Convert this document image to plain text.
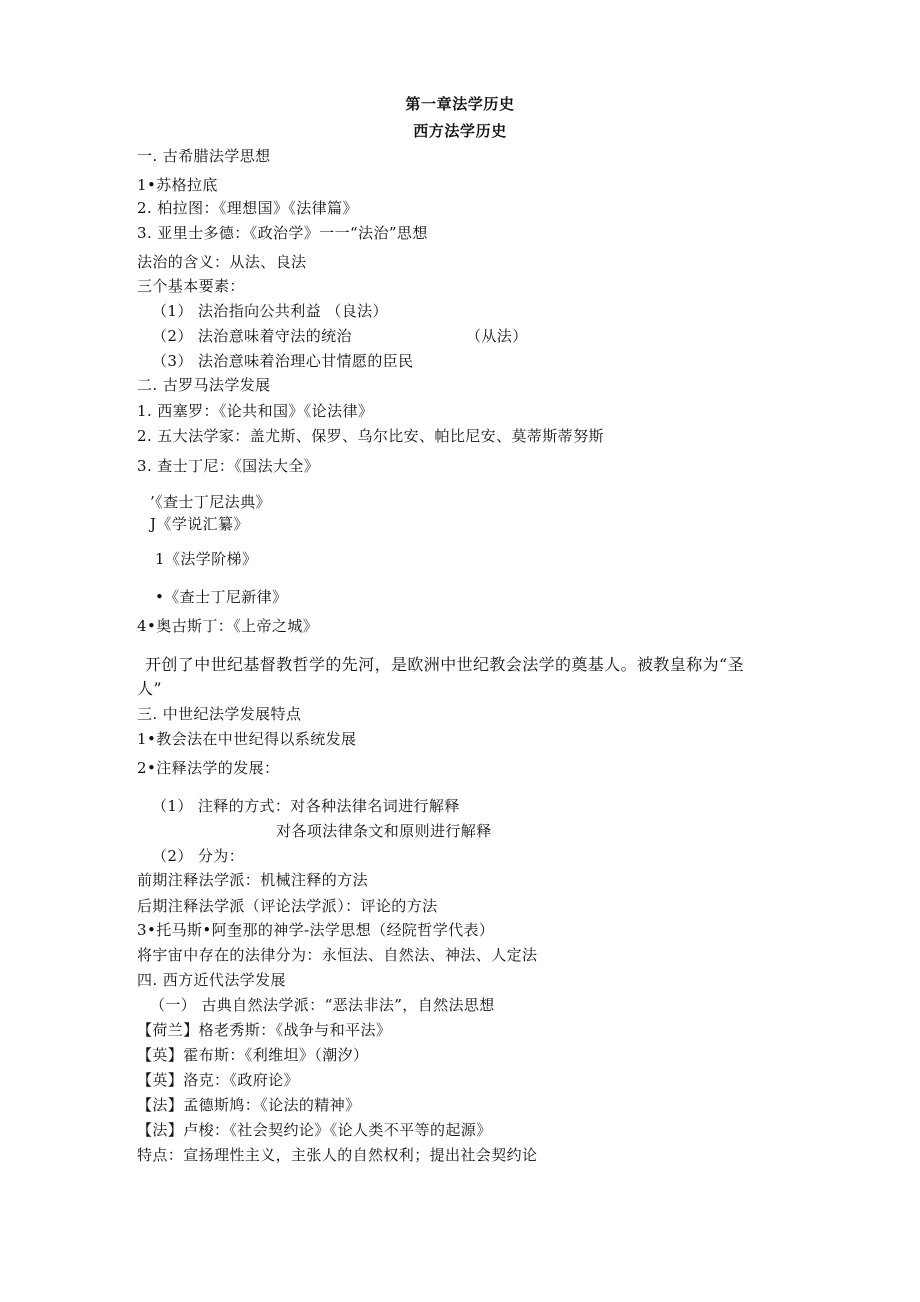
第一章法学历史
西方法学历史
一. 古希腊法学思想
1•苏格拉底
2. 柏拉图：《理想国》《法律篇》
3. 亚里士多德：《政治学》一一“法治”思想
法治的含义：从法、良法
三个基本要素：
（1） 法治指向公共利益 （良法）
（2） 法治意味着守法的统治	（从法）
（3） 法治意味着治理心甘情愿的臣民
二. 古罗马法学发展
1. 西塞罗：《论共和国》《论法律》
2. 五大法学家：盖尤斯、保罗、乌尔比安、帕比尼安、莫蒂斯蒂努斯
3. 查士丁尼：《国法大全》
’《查士丁尼法典》
J《学说汇纂》
1《法学阶梯》
•《查士丁尼新律》
4•奥古斯丁：《上帝之城》
开创了中世纪基督教哲学的先河，是欧洲中世纪教会法学的奠基人。被教皇称为“圣
人”
三. 中世纪法学发展特点
1•教会法在中世纪得以系统发展
2•注释法学的发展：
（1） 注释的方式：对各种法律名词进行解释
对各项法律条文和原则进行解释
（2） 分为：
前期注释法学派：机械注释的方法
后期注释法学派（评论法学派）：评论的方法
3•托马斯•阿奎那的神学-法学思想（经院哲学代表）
将宇宙中存在的法律分为：永恒法、自然法、神法、人定法
四. 西方近代法学发展
（一） 古典自然法学派：“恶法非法”，自然法思想
【荷兰】格老秀斯：《战争与和平法》
【英】霍布斯：《利维坦》（潮汐）
【英】洛克：《政府论》
【法】孟德斯鸠：《论法的精神》
【法】卢梭：《社会契约论》《论人类不平等的起源》
特点：宣扬理性主义，主张人的自然权利；提出社会契约论
